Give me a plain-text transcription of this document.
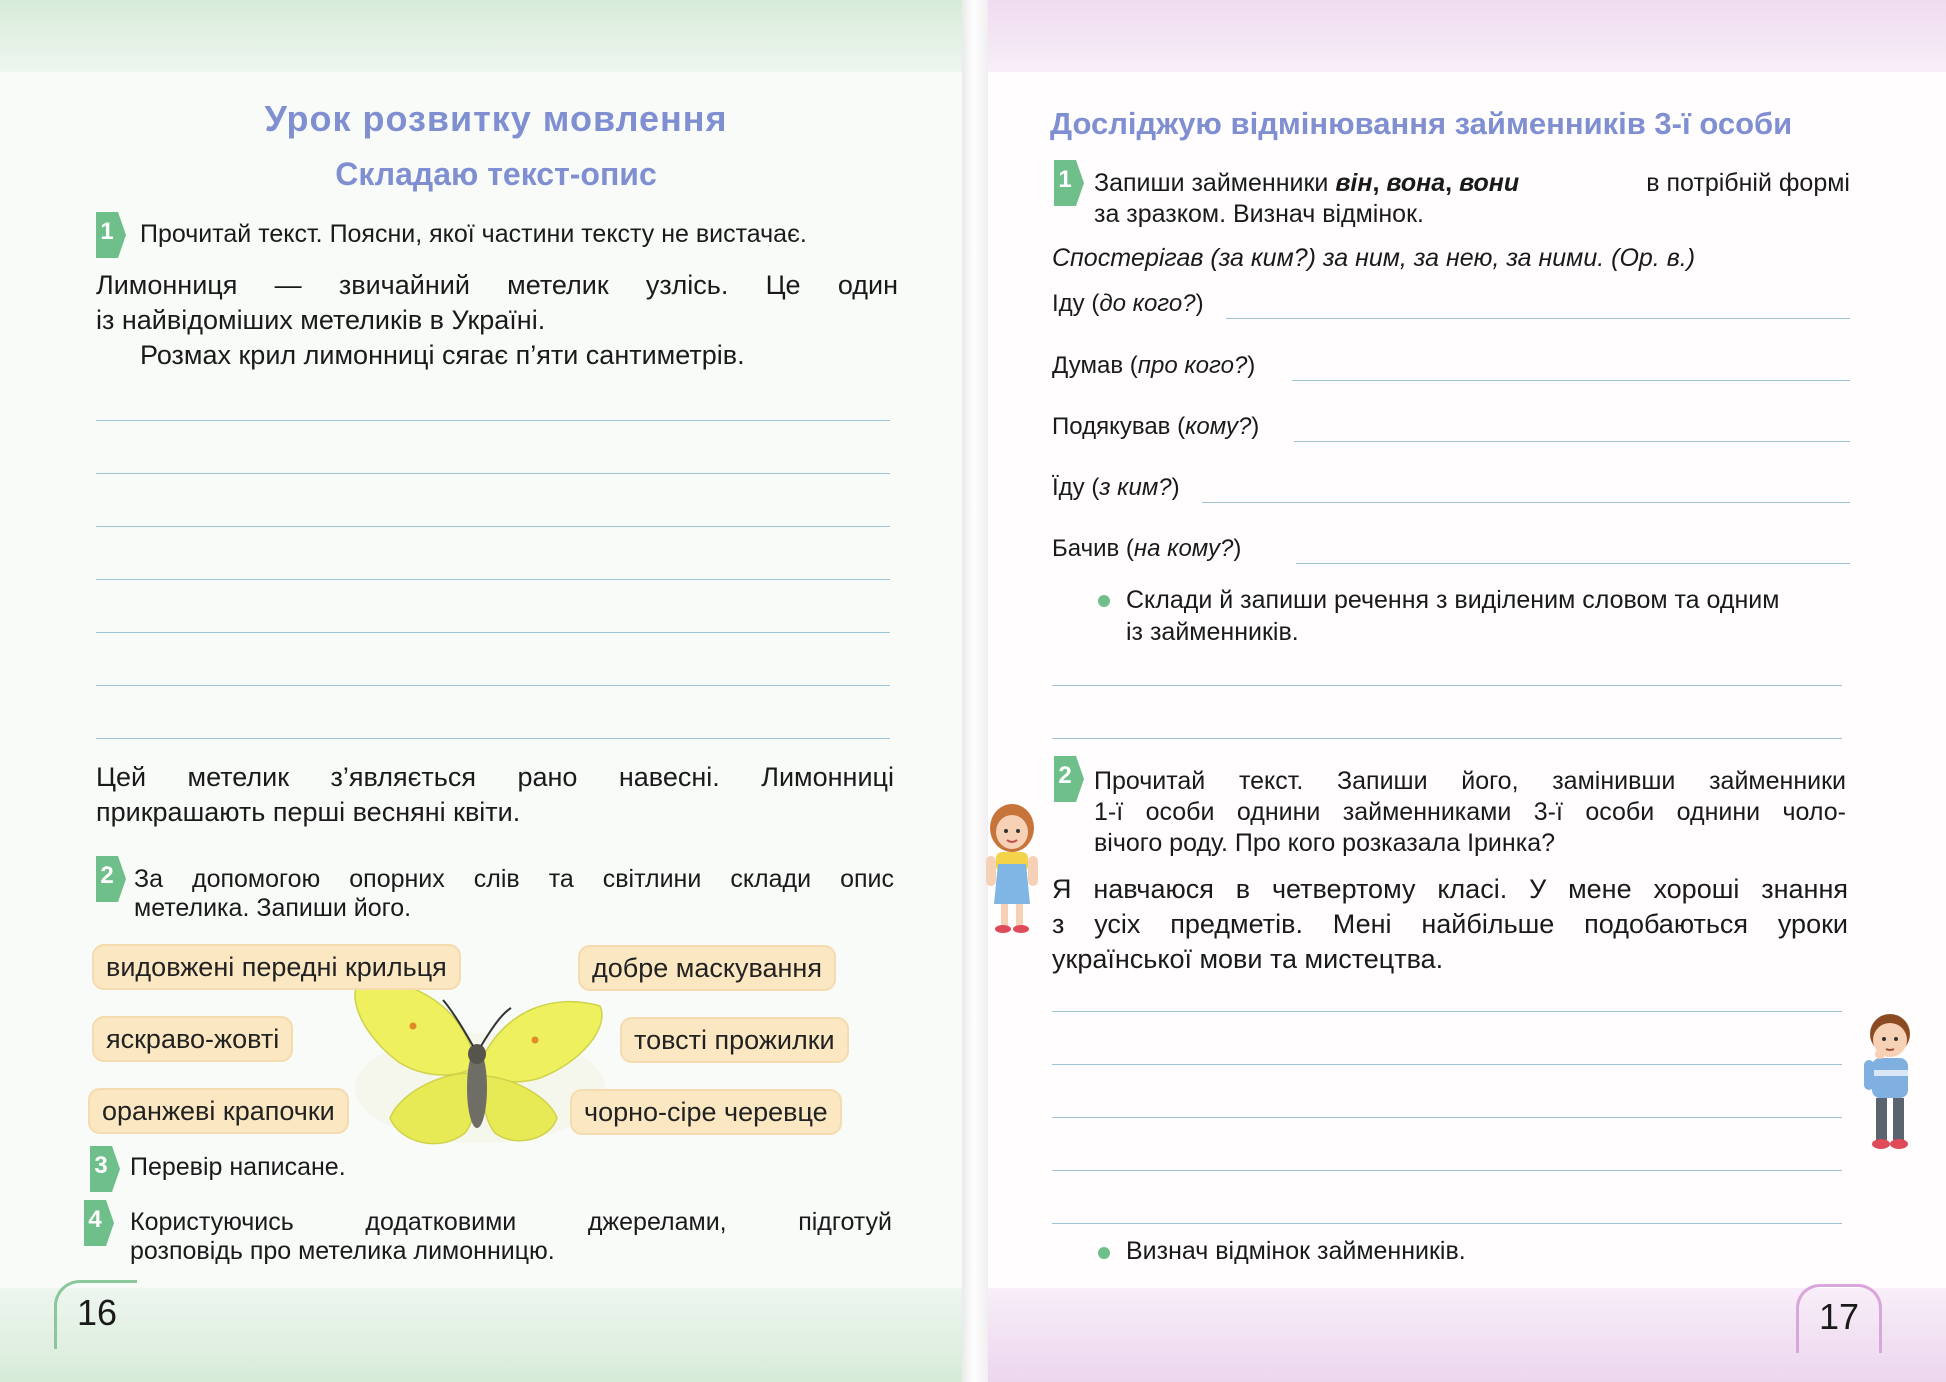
Урок розвитку мовлення
Складаю текст-опис
1 Прочитай текст. Поясни, якої частини тексту не вистачає.
Лимонниця — звичайний метелик узлісь. Це один
із найвідоміших метеликів в Україні.
Розмах крил лимонниці сягає п’яти сантиметрів.
Цей метелик з’являється рано навесні. Лимонниці
прикрашають перші весняні квіти.
2 За допомогою опорних слів та світлини склади опис
метелика. Запиши його.
видовжені передні крильця	добре маскування
яскраво-жовті	товсті прожилки
оранжеві крапочки	чорно-сіре черевце
3 Перевір написане.
4 Користуючись додатковими джерелами, підготуй
розповідь про метелика лимонницю.
16
Досліджую відмінювання займенників 3-ї особи
1 Запиши займенники він, вона, вони	в потрібній формі
за зразком. Визнач відмінок.
Спостерігав (за ким?) за ним, за нею, за ними. (Ор. в.)
Іду (до кого?)
Думав (про кого?)
Подякував (кому?)
Їду (з ким?)
Бачив (на кому?)
Склади й запиши речення з виділеним словом та одним
із займенників.
2 Прочитай текст. Запиши його, замінивши займенники
1-ї особи однини займенниками 3-ї особи однини чоло-
вічого роду. Про кого розказала Іринка?
Я навчаюся в четвертому класі. У мене хороші знання
з усіх предметів. Мені найбільше подобаються уроки
української мови та мистецтва.
Визнач відмінок займенників.
17
